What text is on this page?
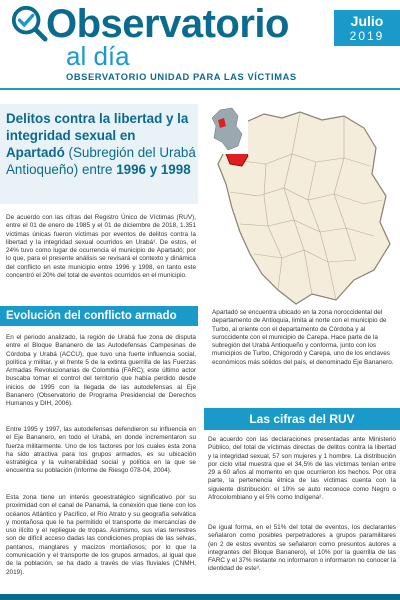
Observatorio
al día
OBSERVATORIO UNIDAD PARA LAS VÍCTIMAS
Julio
2019
Delitos contra la libertad y la integridad sexual en Apartadó (Subregión del Urabá Antioqueño) entre 1996 y 1998
De acuerdo con las cifras del Registro Único de Víctimas (RUV), entre el 01 de enero de 1985 y el 01 de diciembre de 2018, 1.351 víctimas únicas fueron víctimas por eventos de delitos contra la libertad y la integridad sexual ocurridos en Urabá¹. De estos, el 24% tuvo como lugar de ocurrencia el municipio de Apartadó; por lo que, para el presente análisis se revisará el contexto y dinámica del conflicto en este municipio entre 1996 y 1998, en tanto este concentró el 20% del total de eventos ocurridos en el municipio.
Evolución del conflicto armado
En el periodo analizado, la región de Urabá fue zona de disputa entre el Bloque Bananero de las Autodefensas Campesinas de Córdoba y Urabá (ACCU), que tuvo una fuerte influencia social, política y militar, y el frente 5 de la extinta guerrilla de las Fuerzas Armadas Revolucionarias de Colombia (FARC); este último actor buscaba tomar el control del territorio que había perdido desde inicios de 1995 con la llegada de las autodefensas al Eje Bananero (Observatorio de Programa Presidencial de Derechos Humanos y DIH, 2006).
Entre 1995 y 1997, las autodefensas defendieron su influencia en el Eje Bananero, en todo el Urabá, en donde incrementaron su fuerza militarmente. Uno de los factores por los cuales esta zona ha sido atractiva para los grupos armados, es su ubicación estratégica y la vulnerabilidad social y política en la que se encuentra su población (Informe de Riesgo 078-04, 2004).
Esta zona tiene un interés geoestratégico significativo por su proximidad con el canal de Panamá, la conexión que tiene con los océanos Atlántico y Pacífico, el Río Atrato y su geografía selvática y montañosa que le ha permitido el transporte de mercancías de uso ilícito y el repliegue de tropas. Asimismo, sus vías terrestres son de difícil acceso dadas las condiciones propias de las selvas, pantanos, manglares y macizos montañosos; por lo que la comunicación y el transporte de los grupos armados, al igual que de la población, se ha dado a través de vías fluviales (CNMH, 2019).
Apartadó se encuentra ubicado en la zona noroccidental del departamento de Antioquia, limita al norte con el municipio de Turbo, al oriente con el departamento de Córdoba y al suroccidente con el municipio de Carepa. Hace parte de la subregión del Urabá Antioqueño y conforma, junto con los municipios de Turbo, Chigorodó y Carepa, uno de los enclaves económicos más sólidos del país, el denominado Eje Bananero.
Las cifras del RUV
De acuerdo con las declaraciones presentadas ante Ministerio Público, del total de víctimas directas de delitos contra la libertad y la integridad sexual, 57 son mujeres y 1 hombre. La distribución por ciclo vital muestra que el 34,5% de las víctimas tenían entre 29 a 60 años al momento en que ocurrieron los hechos. Por otra parte, la pertenencia étnica de las víctimas cuenta con la siguiente distribución: el 10% se auto reconoce como Negro o Afrocolombiano y el 5% como Indígena².
De igual forma, en el 51% del total de eventos, los declarantes señalaron como posibles perpetradores a grupos paramilitares (en 2 de estos eventos se señalaron como presuntos autores a integrantes del Bloque Bananero), el 10% por la guerrilla de las FARC y el 37% restante no informaron o informaron no conocer la identidad de este³.
